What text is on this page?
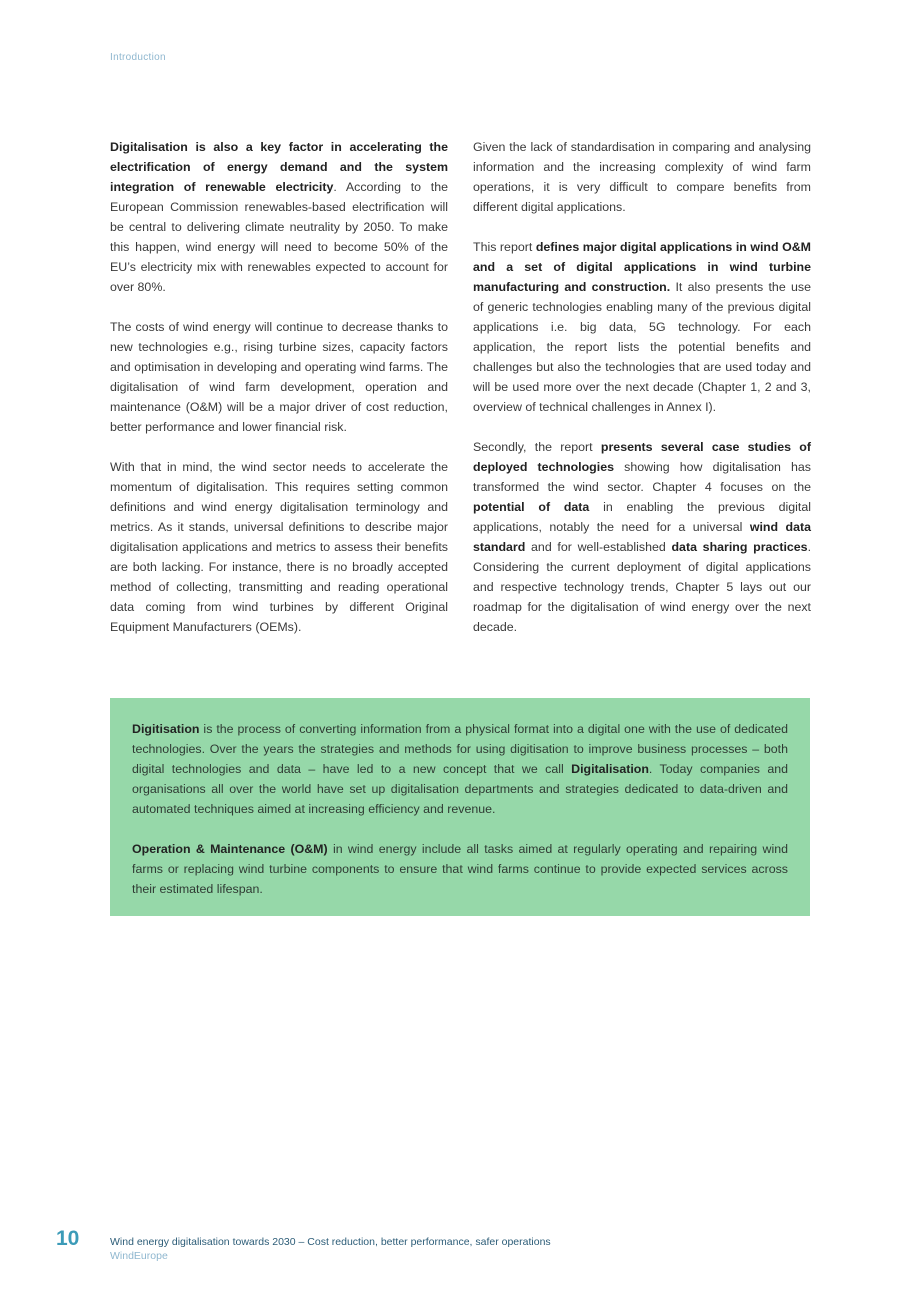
Introduction

Digitalisation is also a key factor in accelerating the electrification of energy demand and the system integration of renewable electricity. According to the European Commission renewables-based electrification will be central to delivering climate neutrality by 2050. To make this happen, wind energy will need to become 50% of the EU’s electricity mix with renewables expected to account for over 80%.

The costs of wind energy will continue to decrease thanks to new technologies e.g., rising turbine sizes, capacity factors and optimisation in developing and operating wind farms. The digitalisation of wind farm development, operation and maintenance (O&M) will be a major driver of cost reduction, better performance and lower financial risk.

With that in mind, the wind sector needs to accelerate the momentum of digitalisation. This requires setting common definitions and wind energy digitalisation terminology and metrics. As it stands, universal definitions to describe major digitalisation applications and metrics to assess their benefits are both lacking. For instance, there is no broadly accepted method of collecting, transmitting and reading operational data coming from wind turbines by different Original Equipment Manufacturers (OEMs).

Given the lack of standardisation in comparing and analysing information and the increasing complexity of wind farm operations, it is very difficult to compare benefits from different digital applications.

This report defines major digital applications in wind O&M and a set of digital applications in wind turbine manufacturing and construction. It also presents the use of generic technologies enabling many of the previous digital applications i.e. big data, 5G technology. For each application, the report lists the potential benefits and challenges but also the technologies that are used today and will be used more over the next decade (Chapter 1, 2 and 3, overview of technical challenges in Annex I).

Secondly, the report presents several case studies of deployed technologies showing how digitalisation has transformed the wind sector. Chapter 4 focuses on the potential of data in enabling the previous digital applications, notably the need for a universal wind data standard and for well-established data sharing practices. Considering the current deployment of digital applications and respective technology trends, Chapter 5 lays out our roadmap for the digitalisation of wind energy over the next decade.

Digitisation is the process of converting information from a physical format into a digital one with the use of dedicated technologies. Over the years the strategies and methods for using digitisation to improve business processes – both digital technologies and data – have led to a new concept that we call Digitalisation. Today companies and organisations all over the world have set up digitalisation departments and strategies dedicated to data-driven and automated techniques aimed at increasing efficiency and revenue.

Operation & Maintenance (O&M) in wind energy include all tasks aimed at regularly operating and repairing wind farms or replacing wind turbine components to ensure that wind farms continue to provide expected services across their estimated lifespan.

10	Wind energy digitalisation towards 2030 – Cost reduction, better performance, safer operations
WindEurope
